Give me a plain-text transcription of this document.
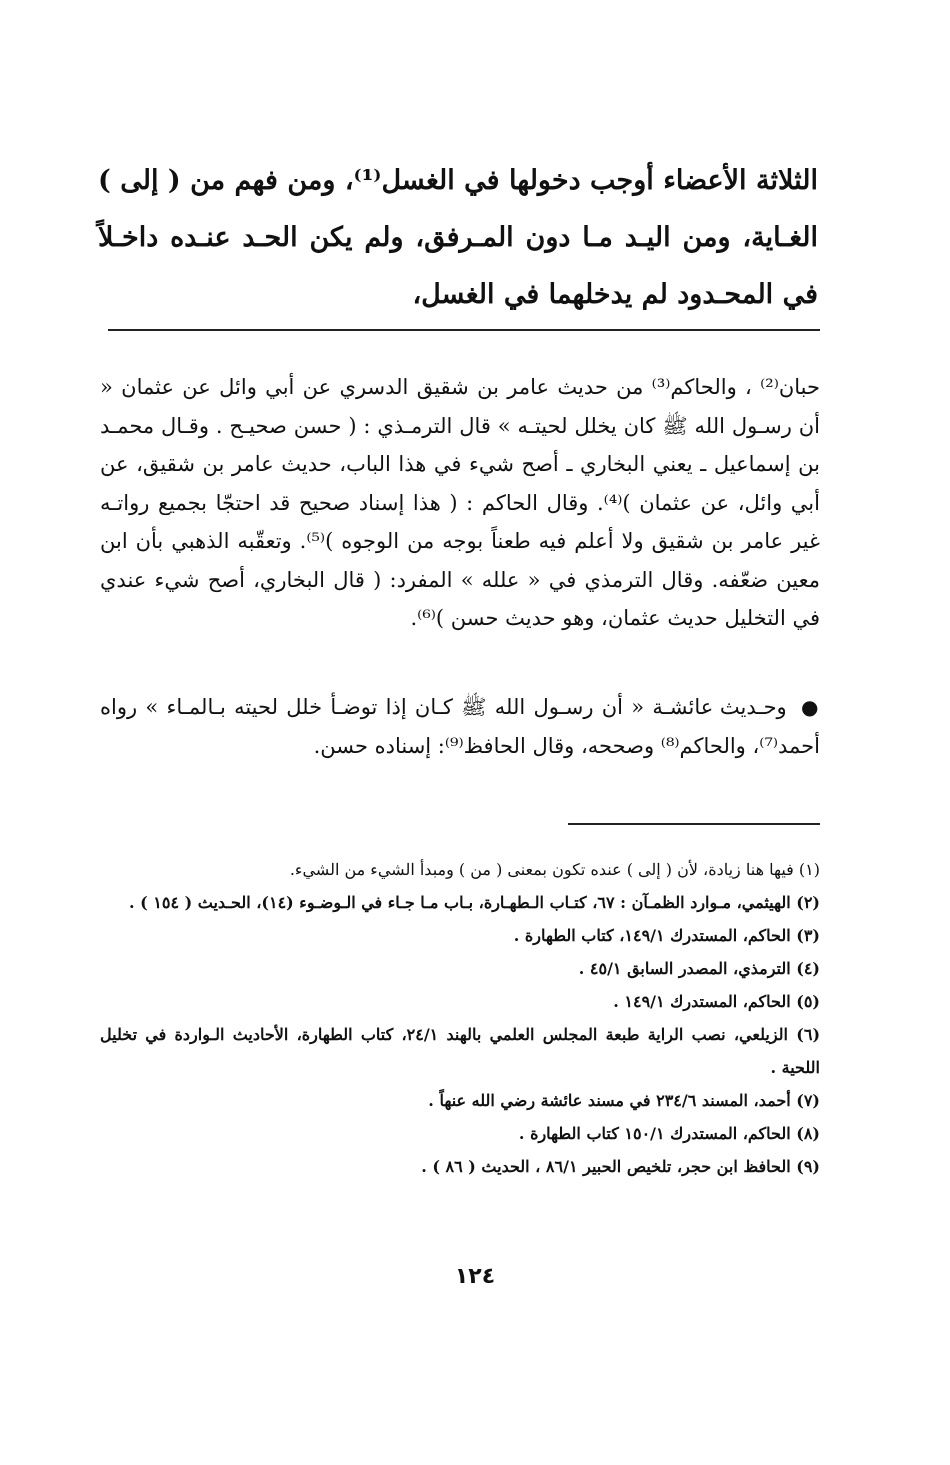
الثلاثة الأعضاء أوجب دخولها في الغسل⁽¹⁾، ومن فهم من ( إلى ) الغـاية، ومن اليـد مـا دون المـرفق، ولم يكن الحـد عنـده داخـلاً في المحـدود لم يدخلهما في الغسل،

حبان⁽²⁾ ، والحاكم⁽³⁾ من حديث عامر بن شقيق الدسري عن أبي وائل عن عثمان « أن رسـول الله ﷺ كان يخلل لحيتـه » قال الترمـذي : ( حسن صحيـح . وقـال محمـد بن إسماعيل ـ يعني البخاري ـ أصح شيء في هذا الباب، حديث عامر بن شقيق، عن أبي وائل، عن عثمان )⁽⁴⁾. وقال الحاكم : ( هذا إسناد صحيح قد احتجّا بجميع رواتـه غير عامر بن شقيق ولا أعلم فيه طعناً بوجه من الوجوه )⁽⁵⁾. وتعقّبه الذهبي بأن ابن معين ضعّفه. وقال الترمذي في « علله » المفرد: ( قال البخاري، أصح شيء عندي في التخليل حديث عثمان، وهو حديث حسن )⁽⁶⁾.

● وحـديث عائشـة « أن رسـول الله ﷺ كـان إذا توضـأ خلل لحيته بـالمـاء » رواه أحمد⁽⁷⁾، والحاكم⁽⁸⁾ وصححه، وقال الحافظ⁽⁹⁾: إسناده حسن.

(١) فيها هنا زيادة، لأن ( إلى ) عنده تكون بمعنى ( من ) ومبدأ الشيء من الشيء.

(٢) الهيثمي، مـوارد الظمـآن : ٦٧، كتـاب الـطهـارة، بـاب مـا جـاء في الـوضـوء (١٤)، الحـديث ( ١٥٤ ) .

(٣) الحاكم، المستدرك ١٤٩/١، كتاب الطهارة .

(٤) الترمذي، المصدر السابق ٤٥/١ .

(٥) الحاكم، المستدرك ١٤٩/١ .

(٦) الزيلعي، نصب الراية طبعة المجلس العلمي بالهند ٢٤/١، كتاب الطهارة، الأحاديث الـواردة في تخليل اللحية .

(٧) أحمد، المسند ٢٣٤/٦ في مسند عائشة رضي الله عنهاً .

(٨) الحاكم، المستدرك ١٥٠/١ كتاب الطهارة .

(٩) الحافظ ابن حجر، تلخيص الحبير ٨٦/١ ، الحديث ( ٨٦ ) .

١٢٤
